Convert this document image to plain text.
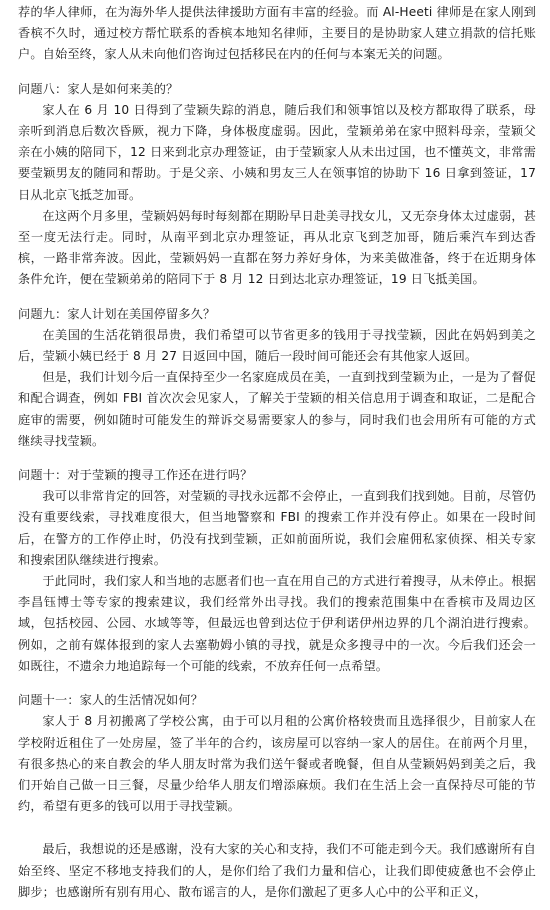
荐的华人律师，在为海外华人提供法律援助方面有丰富的经验。而 Al-Heeti 律师是在家人刚到香槟不久时，通过校方帮忙联系的香槟本地知名律师，主要目的是协助家人建立捐款的信托账户。自始至终，家人从未向他们咨询过包括移民在内的任何与本案无关的问题。

问题八：家人是如何来美的？

家人在 6 月 10 日得到了莹颖失踪的消息，随后我们和领事馆以及校方都取得了联系，母亲听到消息后数次昏厥，视力下降，身体极度虚弱。因此，莹颖弟弟在家中照料母亲，莹颖父亲在小姨的陪同下，12 日来到北京办理签证，由于莹颖家人从未出过国，也不懂英文，非常需要莹颖男友的随同和帮助。于是父亲、小姨和男友三人在领事馆的协助下 16 日拿到签证，17 日从北京飞抵芝加哥。

在这两个月多里，莹颖妈妈每时每刻都在期盼早日赴美寻找女儿，又无奈身体太过虚弱，甚至一度无法行走。同时，从南平到北京办理签证，再从北京飞到芝加哥，随后乘汽车到达香槟，一路非常奔波。因此，莹颖妈妈一直都在努力养好身体，为来美做准备，终于在近期身体条件允许，便在莹颖弟弟的陪同下于 8 月 12 日到达北京办理签证，19 日飞抵美国。

问题九：家人计划在美国停留多久？

在美国的生活花销很昂贵，我们希望可以节省更多的钱用于寻找莹颖，因此在妈妈到美之后，莹颖小姨已经于 8 月 27 日返回中国，随后一段时间可能还会有其他家人返回。

但是，我们计划今后一直保持至少一名家庭成员在美，一直到找到莹颖为止，一是为了督促和配合调查，例如 FBI 首次次会见家人，了解关于莹颖的相关信息用于调查和取证，二是配合庭审的需要，例如随时可能发生的辩诉交易需要家人的参与，同时我们也会用所有可能的方式继续寻找莹颖。

问题十：对于莹颖的搜寻工作还在进行吗？

我可以非常肯定的回答，对莹颖的寻找永远都不会停止，一直到我们找到她。目前，尽管仍没有重要线索，寻找难度很大，但当地警察和 FBI 的搜索工作并没有停止。如果在一段时间后，在警方的工作停止时，仍没有找到莹颖，正如前面所说，我们会雇佣私家侦探、相关专家和搜索团队继续进行搜索。

于此同时，我们家人和当地的志愿者们也一直在用自己的方式进行着搜寻，从未停止。根据李昌钰博士等专家的搜索建议，我们经常外出寻找。我们的搜索范围集中在香槟市及周边区域，包括校园、公园、水域等等，但最远也曾到达位于伊利诺伊州边界的几个湖泊进行搜索。例如，之前有媒体报到的家人去塞勒姆小镇的寻找，就是众多搜寻中的一次。今后我们还会一如既往，不遗余力地追踪每一个可能的线索，不放弃任何一点希望。

问题十一：家人的生活情况如何？

家人于 8 月初搬离了学校公寓，由于可以月租的公寓价格较贵而且选择很少，目前家人在学校附近租住了一处房屋，签了半年的合约，该房屋可以容纳一家人的居住。在前两个月里，有很多热心的来自教会的华人朋友时常为我们送午餐或者晚餐，但自从莹颖妈妈到美之后，我们开始自己做一日三餐，尽量少给华人朋友们增添麻烦。我们在生活上会一直保持尽可能的节约，希望有更多的钱可以用于寻找莹颖。

最后，我想说的还是感谢，没有大家的关心和支持，我们不可能走到今天。我们感谢所有自始至终、坚定不移地支持我们的人，是你们给了我们力量和信心，让我们即使疲惫也不会停止脚步；也感谢所有别有用心、散布谣言的人，是你们激起了更多人心中的公平和正义，
